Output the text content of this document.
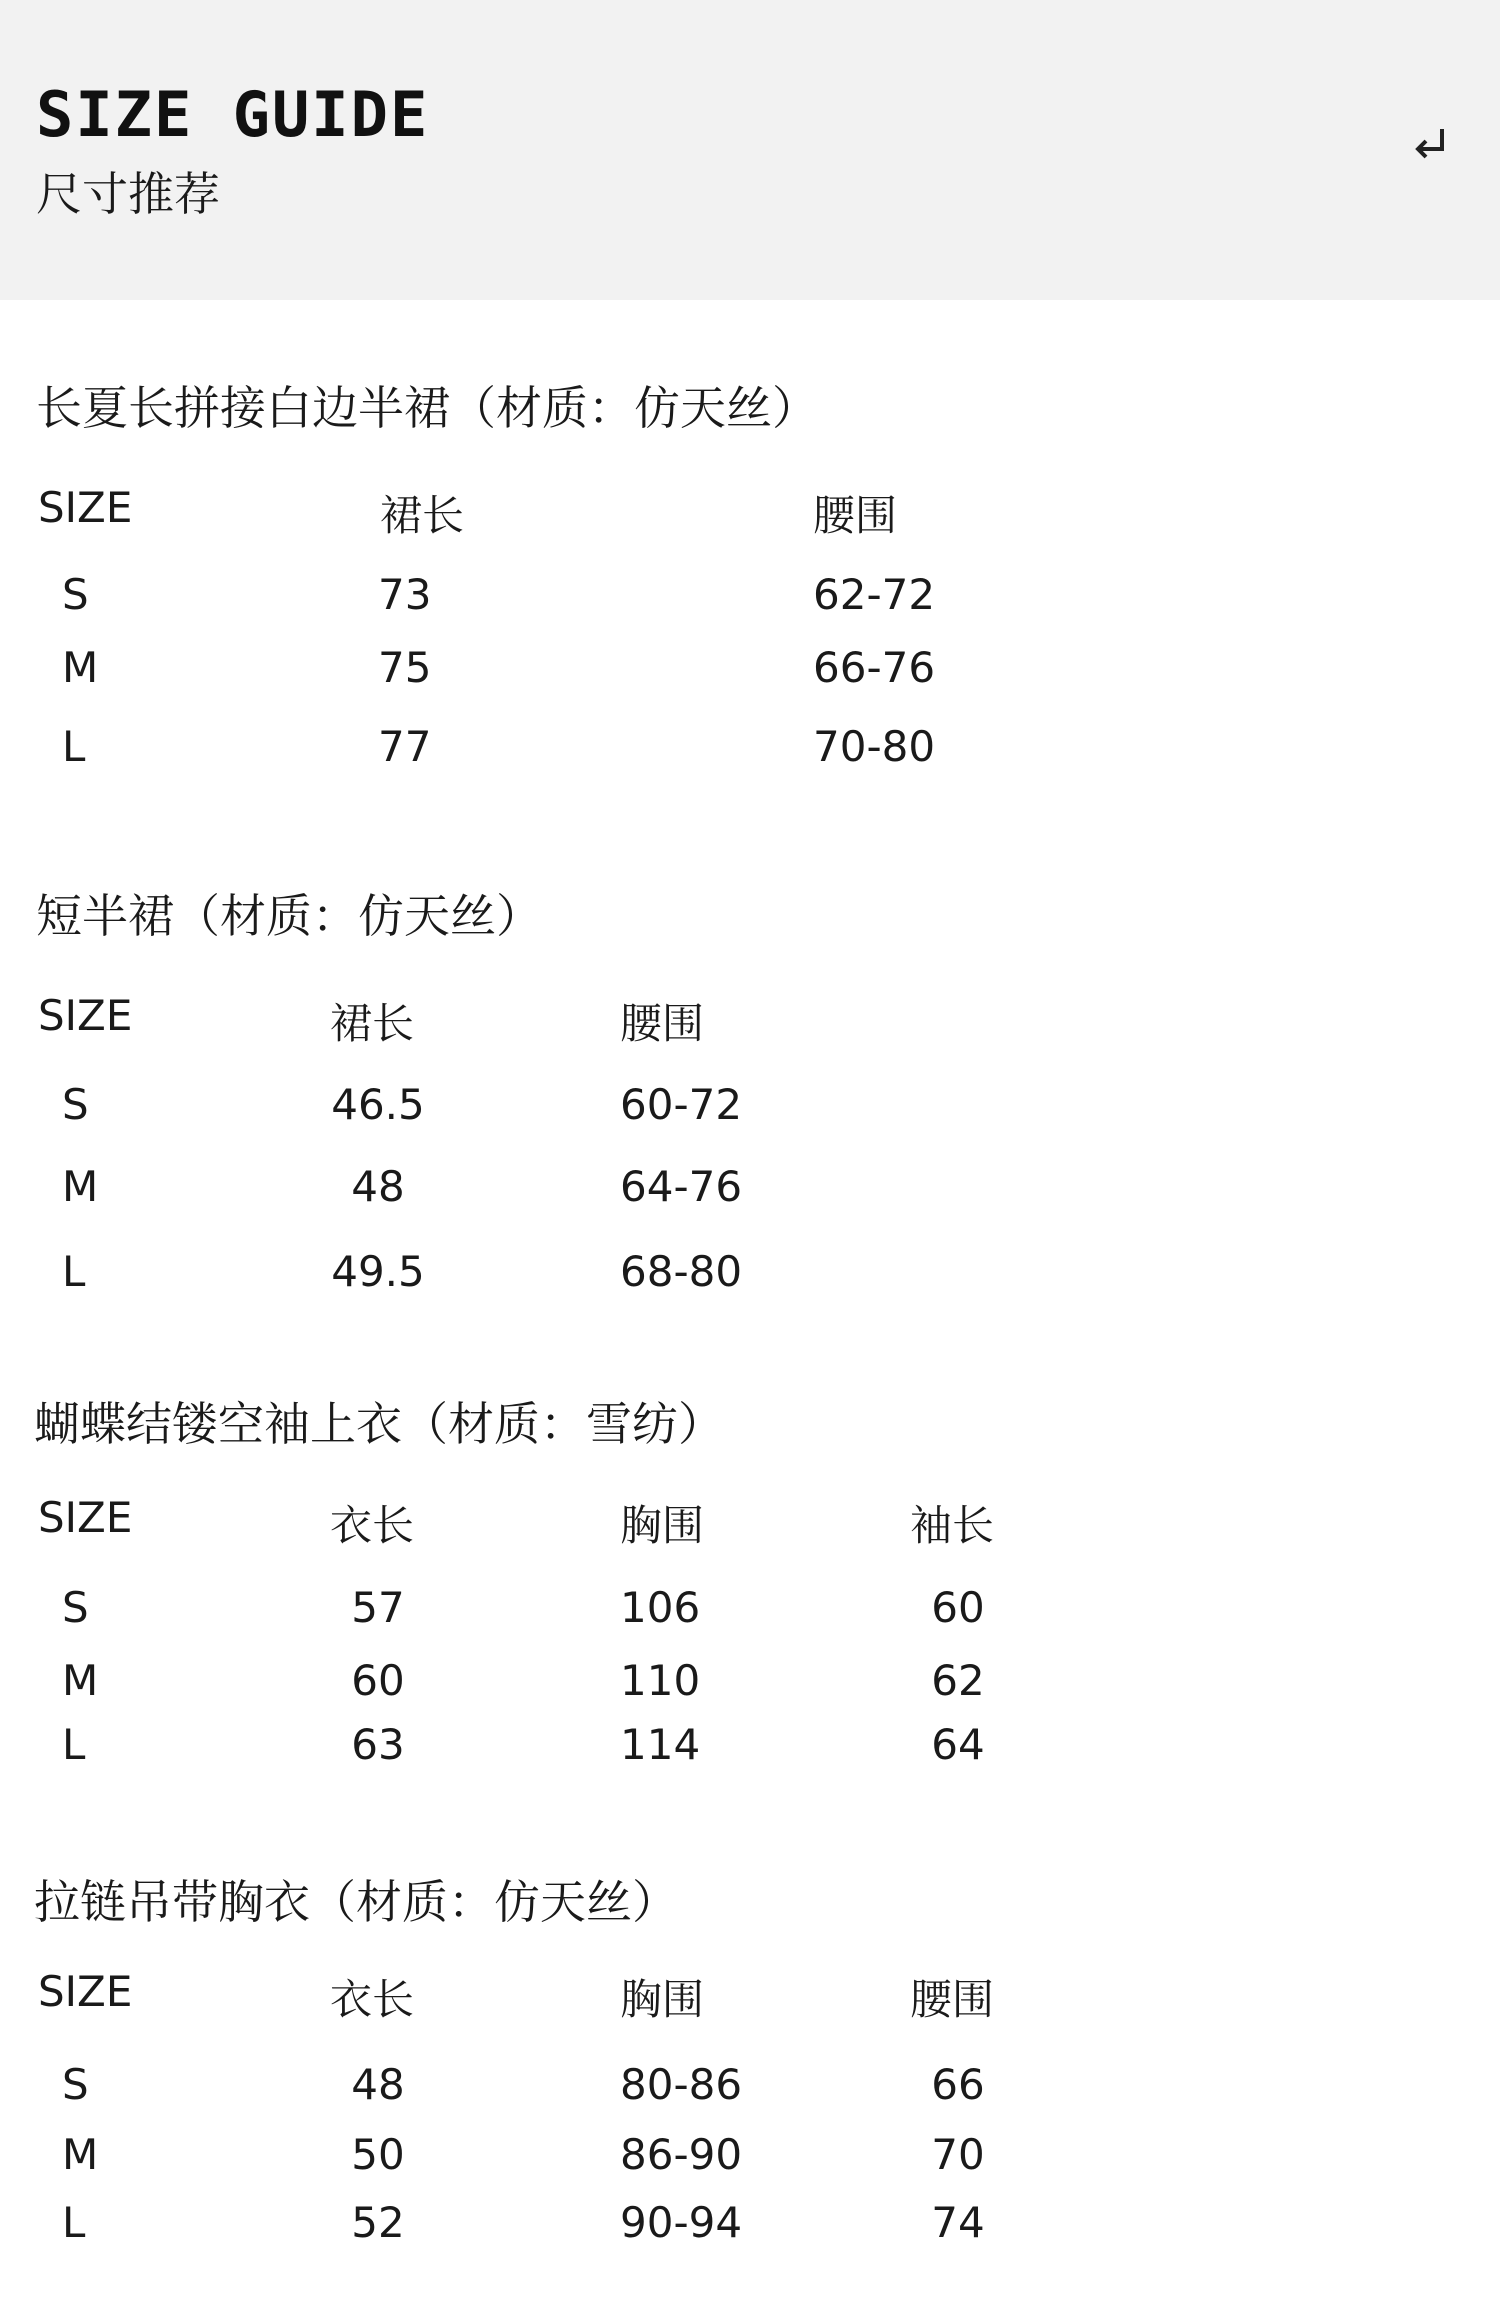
SIZE GUIDE
尺寸推荐
长夏长拼接白边半裙（材质：仿天丝）
SIZE	裙长	腰围
S	73	62-72
M	75	66-76
L	77	70-80
短半裙（材质：仿天丝）
SIZE	裙长	腰围
S	46.5	60-72
M	48	64-76
L	49.5	68-80
蝴蝶结镂空袖上衣（材质：雪纺）
SIZE	衣长	胸围	袖长
S	57	106	60
M	60	110	62
L	63	114	64
拉链吊带胸衣（材质：仿天丝）
SIZE	衣长	胸围	腰围
S	48	80-86	66
M	50	86-90	70
L	52	90-94	74
